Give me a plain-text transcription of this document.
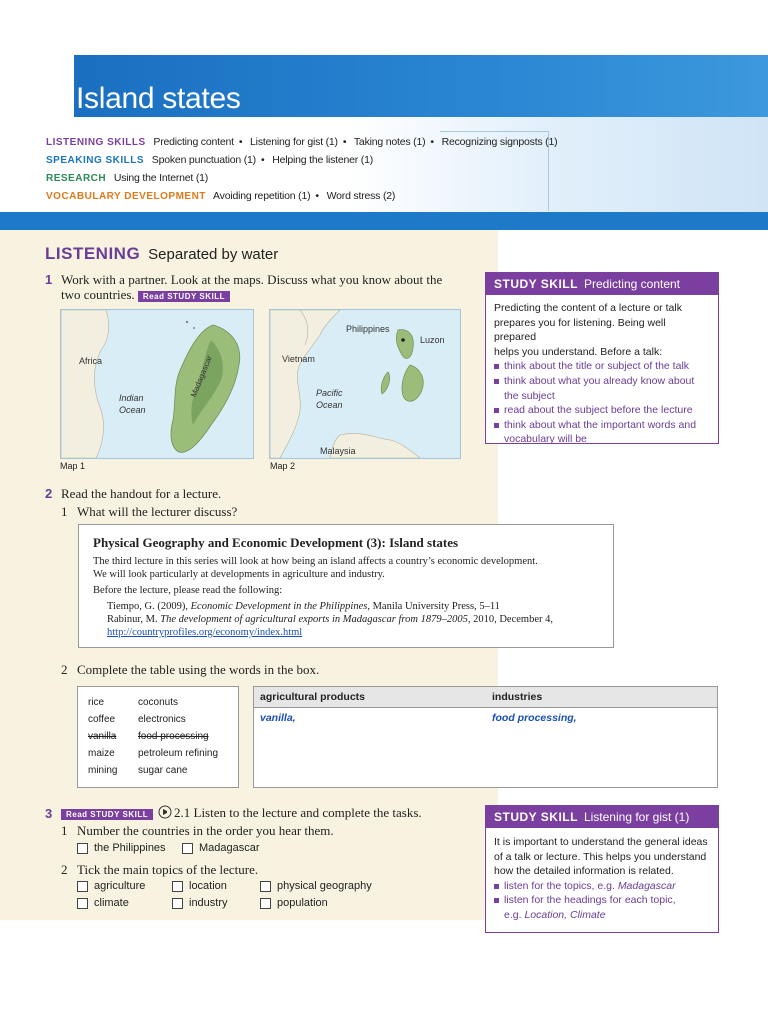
Island states
LISTENING SKILLS Predicting content • Listening for gist (1) • Taking notes (1) • Recognizing signposts (1)
SPEAKING SKILLS Spoken punctuation (1) • Helping the listener (1)
RESEARCH Using the Internet (1)
VOCABULARY DEVELOPMENT Avoiding repetition (1) • Word stress (2)
LISTENING Separated by water
1 Work with a partner. Look at the maps. Discuss what you know about the
two countries. Read STUDY SKILL
Africa
Indian
Ocean
Madagascar
Map 1
Philippines
Luzon
Vietnam
Pacific
Ocean
Malaysia
Map 2
STUDY SKILL Predicting content
Predicting the content of a lecture or talk
prepares you for listening. Being well prepared
helps you understand. Before a talk:
think about the title or subject of the talk
think about what you already know about
the subject
read about the subject before the lecture
think about what the important words and
vocabulary will be
2 Read the handout for a lecture.
1 What will the lecturer discuss?
Physical Geography and Economic Development (3): Island states
The third lecture in this series will look at how being an island affects a country’s economic development.
We will look particularly at developments in agriculture and industry.
Before the lecture, please read the following:
Tiempo, G. (2009), Economic Development in the Philippines, Manila University Press, 5–11
Rabinur, M. The development of agricultural exports in Madagascar from 1879–2005, 2010, December 4,
http://countryprofiles.org/economy/index.html
2 Complete the table using the words in the box.
rice
coffee
vanilla
maize
mining
coconuts
electronics
food processing
petroleum refining
sugar cane
agricultural products	industries
vanilla,	food processing,
3	Read STUDY SKILL	2.1 Listen to the lecture and complete the tasks.
1 Number the countries in the order you hear them.
the Philippines	Madagascar
2 Tick the main topics of the lecture.
agriculture	location	physical geography
climate	industry	population
STUDY SKILL Listening for gist (1)
It is important to understand the general ideas
of a talk or lecture. This helps you understand
how the detailed information is related.
listen for the topics, e.g. Madagascar
listen for the headings for each topic,
e.g. Location, Climate
